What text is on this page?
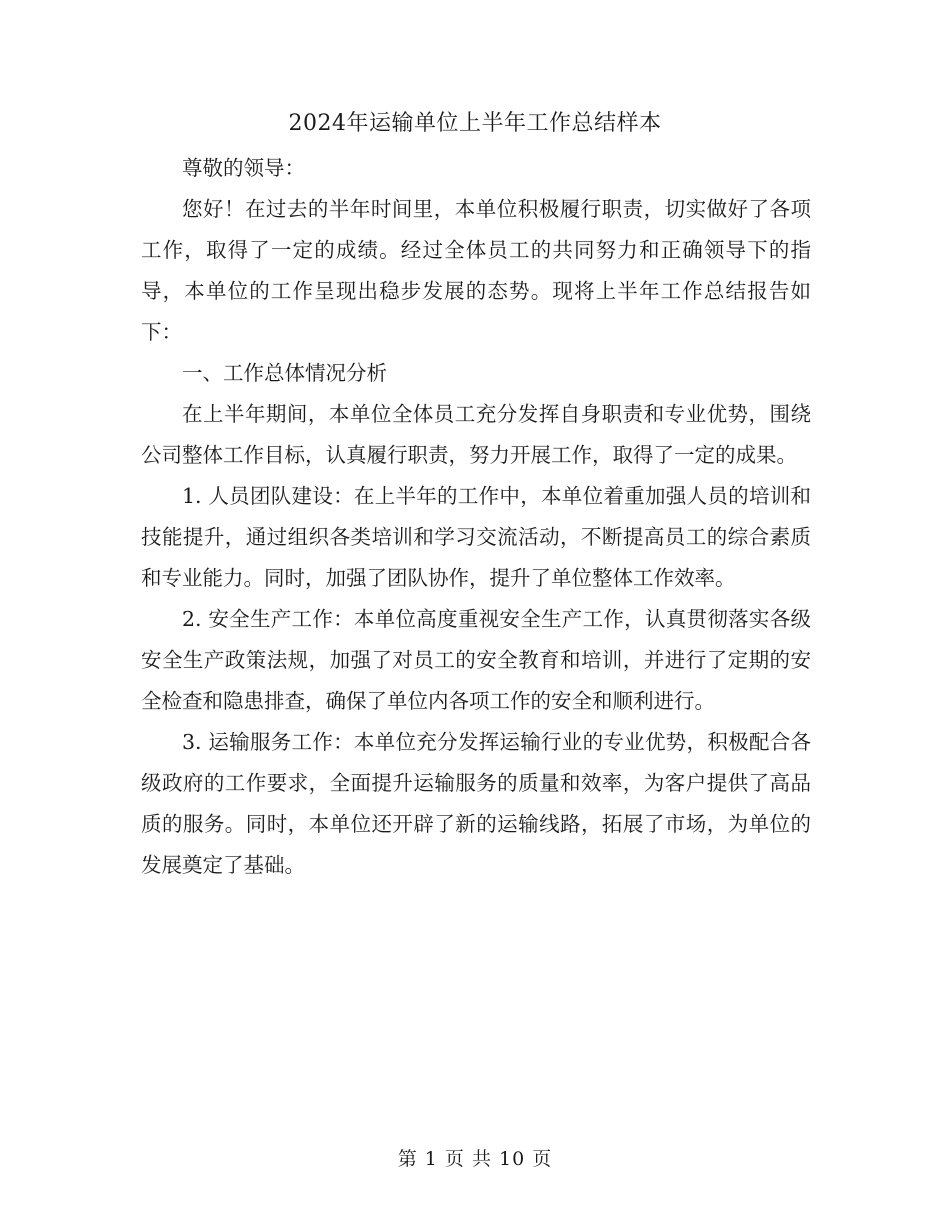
2024年运输单位上半年工作总结样本

尊敬的领导：

您好！在过去的半年时间里，本单位积极履行职责，切实做好了各项工作，取得了一定的成绩。经过全体员工的共同努力和正确领导下的指导，本单位的工作呈现出稳步发展的态势。现将上半年工作总结报告如下：

一、工作总体情况分析

在上半年期间，本单位全体员工充分发挥自身职责和专业优势，围绕公司整体工作目标，认真履行职责，努力开展工作，取得了一定的成果。

1. 人员团队建设：在上半年的工作中，本单位着重加强人员的培训和技能提升，通过组织各类培训和学习交流活动，不断提高员工的综合素质和专业能力。同时，加强了团队协作，提升了单位整体工作效率。

2. 安全生产工作：本单位高度重视安全生产工作，认真贯彻落实各级安全生产政策法规，加强了对员工的安全教育和培训，并进行了定期的安全检查和隐患排查，确保了单位内各项工作的安全和顺利进行。

3. 运输服务工作：本单位充分发挥运输行业的专业优势，积极配合各级政府的工作要求，全面提升运输服务的质量和效率，为客户提供了高品质的服务。同时，本单位还开辟了新的运输线路，拓展了市场，为单位的发展奠定了基础。

第 1 页 共 10 页
